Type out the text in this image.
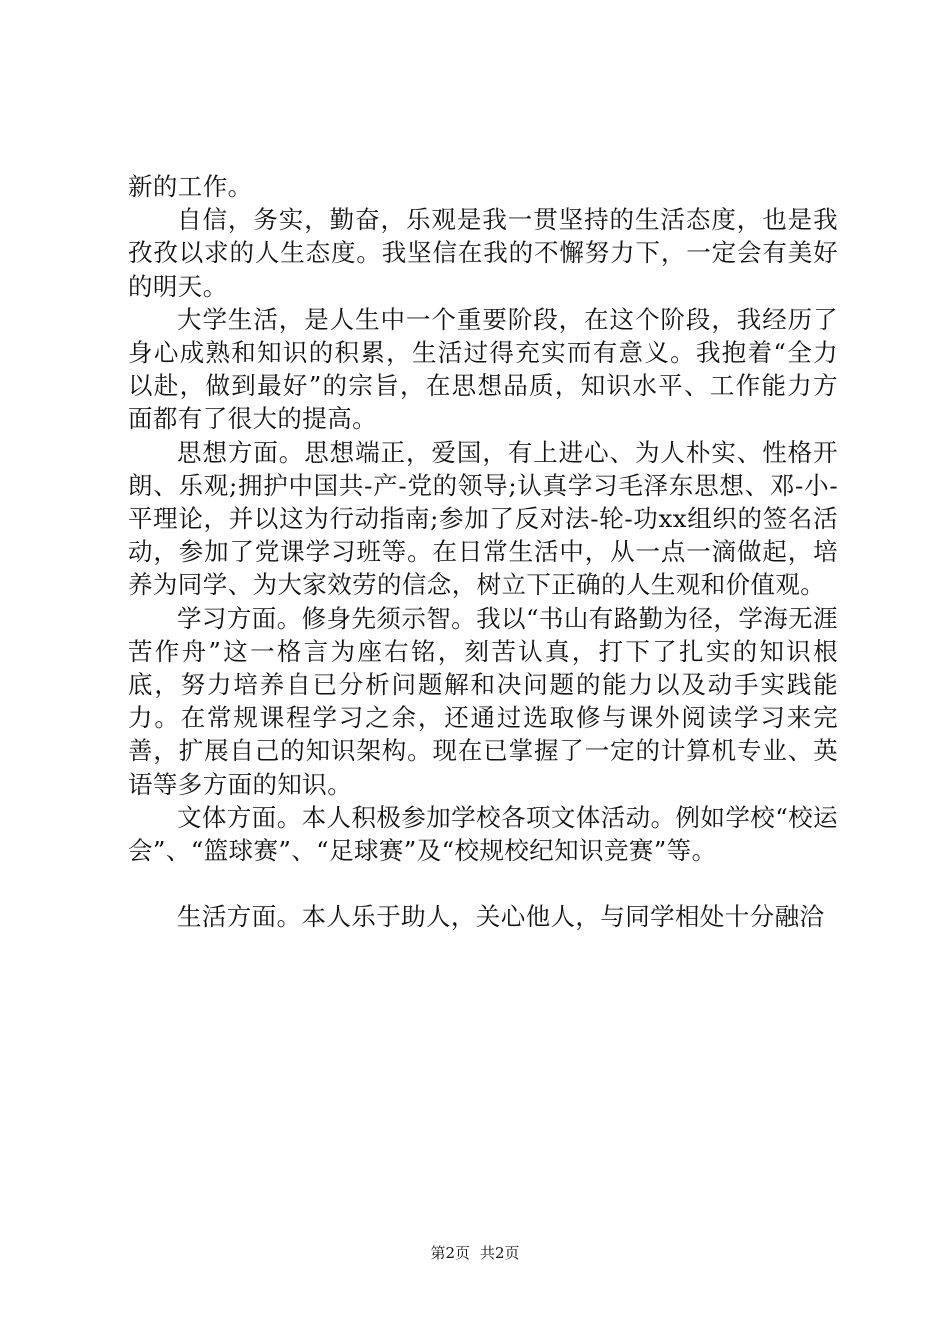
新的工作。

自信，务实，勤奋，乐观是我一贯坚持的生活态度，也是我孜孜以求的人生态度。我坚信在我的不懈努力下，一定会有美好的明天。

大学生活，是人生中一个重要阶段，在这个阶段，我经历了身心成熟和知识的积累，生活过得充实而有意义。我抱着“全力以赴，做到最好”的宗旨，在思想品质，知识水平、工作能力方面都有了很大的提高。

思想方面。思想端正，爱国，有上进心、为人朴实、性格开朗、乐观;拥护中国共-产-党的领导;认真学习毛泽东思想、邓-小-平理论，并以这为行动指南;参加了反对法-轮-功xx组织的签名活动，参加了党课学习班等。在日常生活中，从一点一滴做起，培养为同学、为大家效劳的信念，树立下正确的人生观和价值观。

学习方面。修身先须示智。我以“书山有路勤为径，学海无涯苦作舟”这一格言为座右铭，刻苦认真，打下了扎实的知识根底，努力培养自已分析问题解和决问题的能力以及动手实践能力。在常规课程学习之余，还通过选取修与课外阅读学习来完善，扩展自己的知识架构。现在已掌握了一定的计算机专业、英语等多方面的知识。

文体方面。本人积极参加学校各项文体活动。例如学校“校运会”、“篮球赛”、“足球赛”及“校规校纪知识竞赛”等。

生活方面。本人乐于助人，关心他人，与同学相处十分融洽

第2页 共2页
